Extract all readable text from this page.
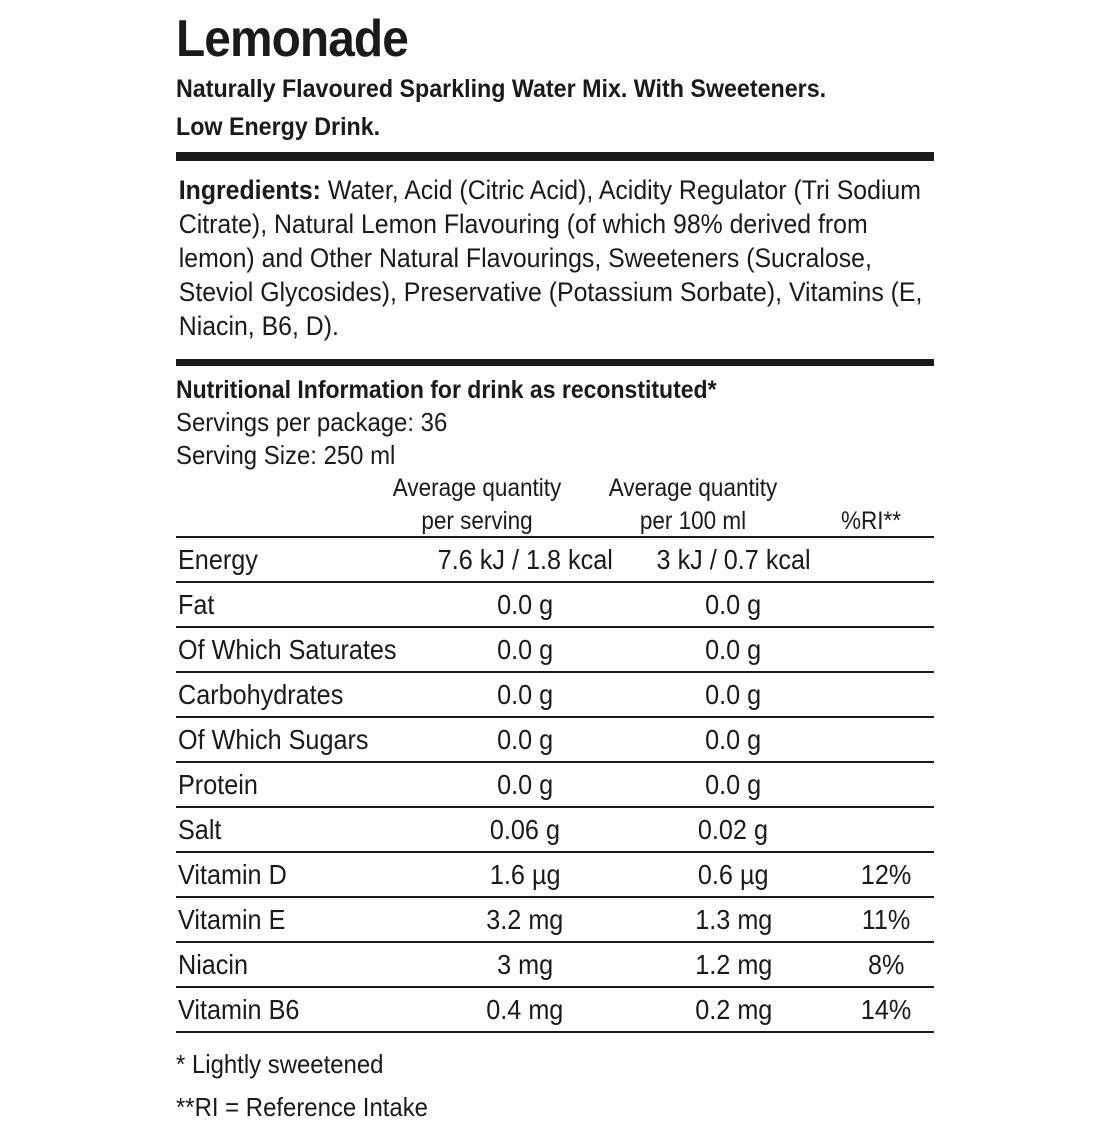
Lemonade
Naturally Flavoured Sparkling Water Mix. With Sweeteners.
Low Energy Drink.
Ingredients: Water, Acid (Citric Acid), Acidity Regulator (Tri Sodium Citrate), Natural Lemon Flavouring (of which 98% derived from lemon) and Other Natural Flavourings, Sweeteners (Sucralose, Steviol Glycosides), Preservative (Potassium Sorbate), Vitamins (E, Niacin, B6, D).
Nutritional Information for drink as reconstituted*
Servings per package: 36
Serving Size: 250 ml
Average quantity
per serving
Average quantity
per 100 ml	%RI**
Energy	7.6 kJ / 1.8 kcal	3 kJ / 0.7 kcal	
Fat	0.0 g	0.0 g	
Of Which Saturates	0.0 g	0.0 g	
Carbohydrates	0.0 g	0.0 g	
Of Which Sugars	0.0 g	0.0 g	
Protein	0.0 g	0.0 g	
Salt	0.06 g	0.02 g	
Vitamin D	1.6 µg	0.6 µg	12%
Vitamin E	3.2 mg	1.3 mg	11%
Niacin	3 mg	1.2 mg	8%
Vitamin B6	0.4 mg	0.2 mg	14%
* Lightly sweetened
**RI = Reference Intake
